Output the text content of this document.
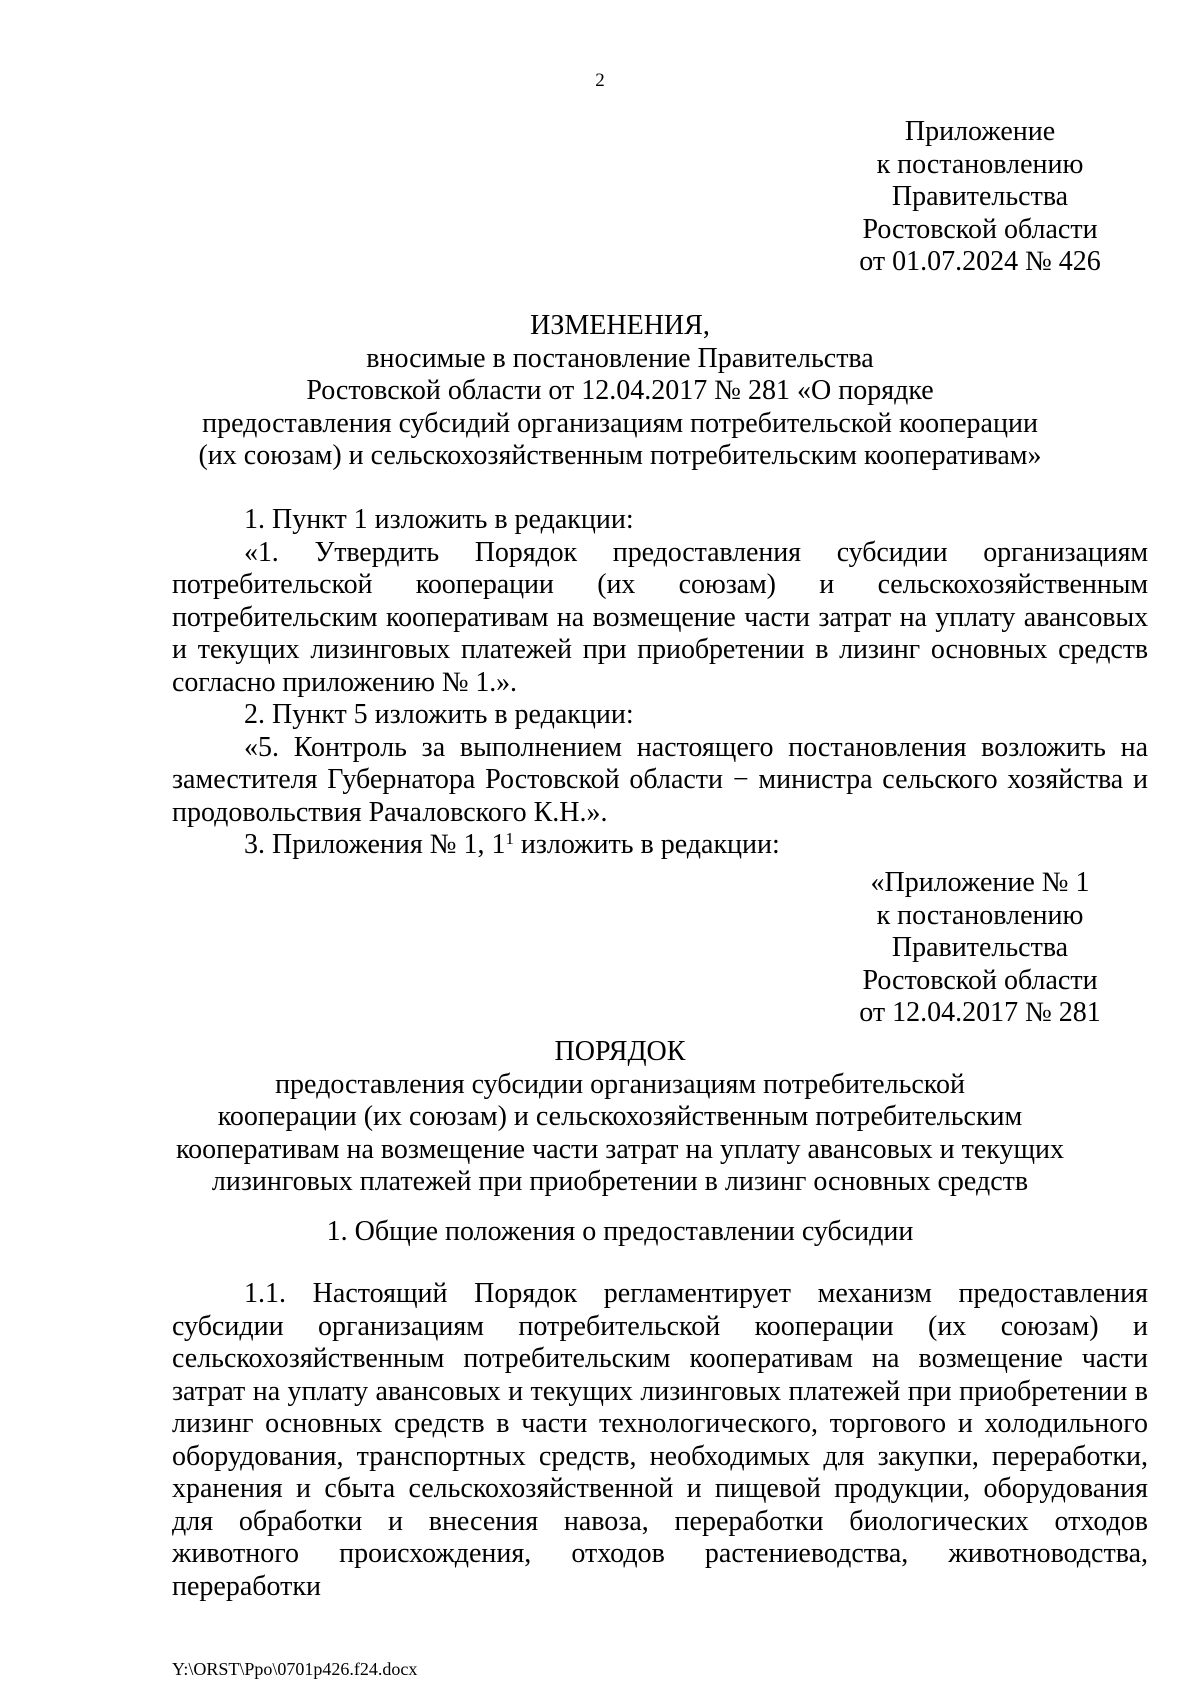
2
Приложение
к постановлению
Правительства
Ростовской области
от 01.07.2024 № 426
ИЗМЕНЕНИЯ,
вносимые в постановление Правительства
Ростовской области от 12.04.2017 № 281 «О порядке
предоставления субсидий организациям потребительской кооперации
(их союзам) и сельскохозяйственным потребительским кооперативам»
1. Пункт 1 изложить в редакции:
«1. Утвердить Порядок предоставления субсидии организациям потребительской кооперации (их союзам) и сельскохозяйственным потребительским кооперативам на возмещение части затрат на уплату авансовых и текущих лизинговых платежей при приобретении в лизинг основных средств согласно приложению № 1.».
2. Пункт 5 изложить в редакции:
«5. Контроль за выполнением настоящего постановления возложить на заместителя Губернатора Ростовской области − министра сельского хозяйства и продовольствия Рачаловского К.Н.».
3. Приложения № 1, $1^1$ изложить в редакции:
«Приложение № 1
к постановлению
Правительства
Ростовской области
от 12.04.2017 № 281
ПОРЯДОК
предоставления субсидии организациям потребительской
кооперации (их союзам) и сельскохозяйственным потребительским
кооперативам на возмещение части затрат на уплату авансовых и текущих
лизинговых платежей при приобретении в лизинг основных средств
1. Общие положения о предоставлении субсидии
1.1. Настоящий Порядок регламентирует механизм предоставления субсидии организациям потребительской кооперации (их союзам) и сельскохозяйственным потребительским кооперативам на возмещение части затрат на уплату авансовых и текущих лизинговых платежей при приобретении в лизинг основных средств в части технологического, торгового и холодильного оборудования, транспортных средств, необходимых для закупки, переработки, хранения и сбыта сельскохозяйственной и пищевой продукции, оборудования для обработки и внесения навоза, переработки биологических отходов животного происхождения, отходов растениеводства, животноводства, переработки
Y:\ORST\Ppo\0701p426.f24.docx
